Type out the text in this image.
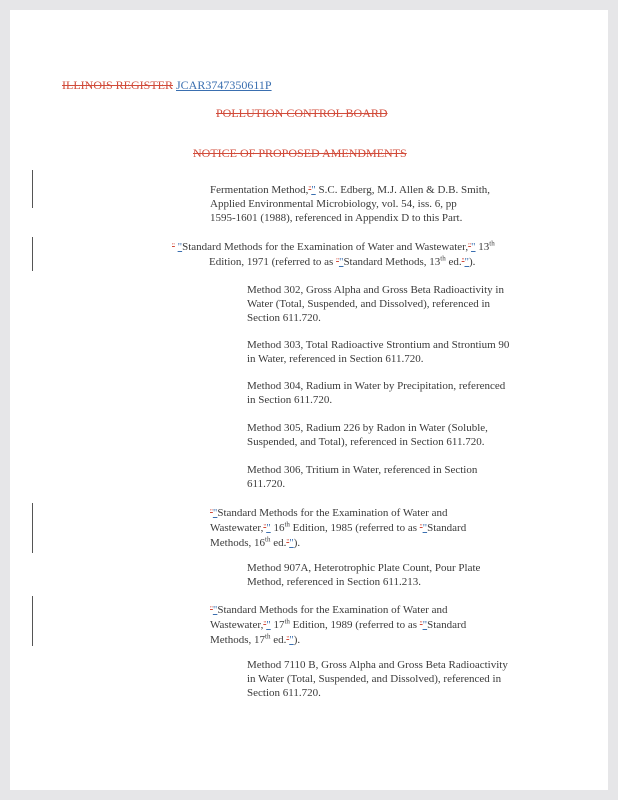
ILLINOIS REGISTER JCAR3747350611P
POLLUTION CONTROL BOARD
NOTICE OF PROPOSED AMENDMENTS
Fermentation Method,"" S.C. Edberg, M.J. Allen & D.B. Smith,
Applied Environmental Microbiology, vol. 54, iss. 6, pp
1595-1601 (1988), referenced in Appendix D to this Part.
" "Standard Methods for the Examination of Water and Wastewater,"" 13th
Edition, 1971 (referred to as ""Standard Methods, 13th ed."").
Method 302, Gross Alpha and Gross Beta Radioactivity in
Water (Total, Suspended, and Dissolved), referenced in
Section 611.720.
Method 303, Total Radioactive Strontium and Strontium 90
in Water, referenced in Section 611.720.
Method 304, Radium in Water by Precipitation, referenced
in Section 611.720.
Method 305, Radium 226 by Radon in Water (Soluble,
Suspended, and Total), referenced in Section 611.720.
Method 306, Tritium in Water, referenced in Section
611.720.
""Standard Methods for the Examination of Water and
Wastewater,"" 16th Edition, 1985 (referred to as ""Standard
Methods, 16th ed."").
Method 907A, Heterotrophic Plate Count, Pour Plate
Method, referenced in Section 611.213.
""Standard Methods for the Examination of Water and
Wastewater,"" 17th Edition, 1989 (referred to as ""Standard
Methods, 17th ed."").
Method 7110 B, Gross Alpha and Gross Beta Radioactivity
in Water (Total, Suspended, and Dissolved), referenced in
Section 611.720.
